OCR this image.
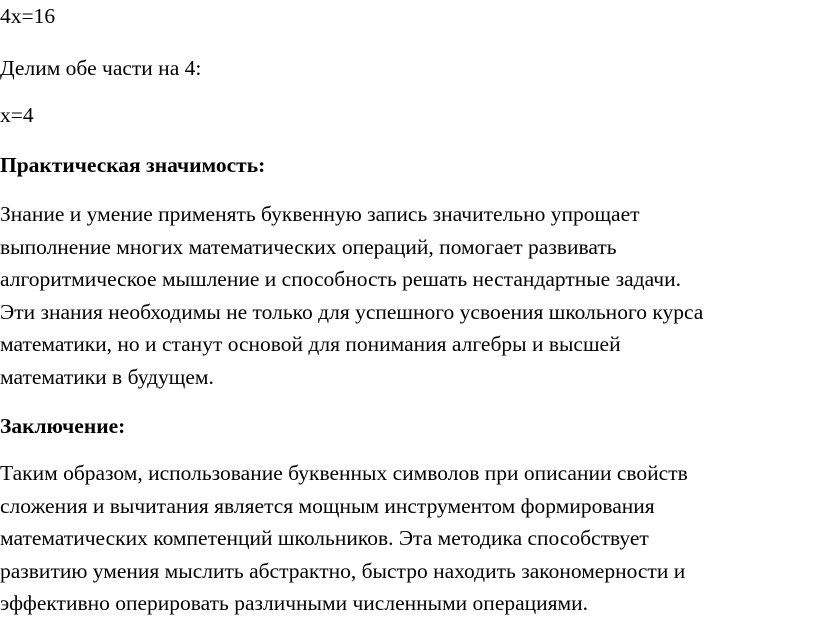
4x=16
Делим обе части на 4:
x=4
Практическая значимость:
Знание и умение применять буквенную запись значительно упрощает
выполнение многих математических операций, помогает развивать
алгоритмическое мышление и способность решать нестандартные задачи.
Эти знания необходимы не только для успешного усвоения школьного курса
математики, но и станут основой для понимания алгебры и высшей
математики в будущем.
Заключение:
Таким образом, использование буквенных символов при описании свойств
сложения и вычитания является мощным инструментом формирования
математических компетенций школьников. Эта методика способствует
развитию умения мыслить абстрактно, быстро находить закономерности и
эффективно оперировать различными численными операциями.
